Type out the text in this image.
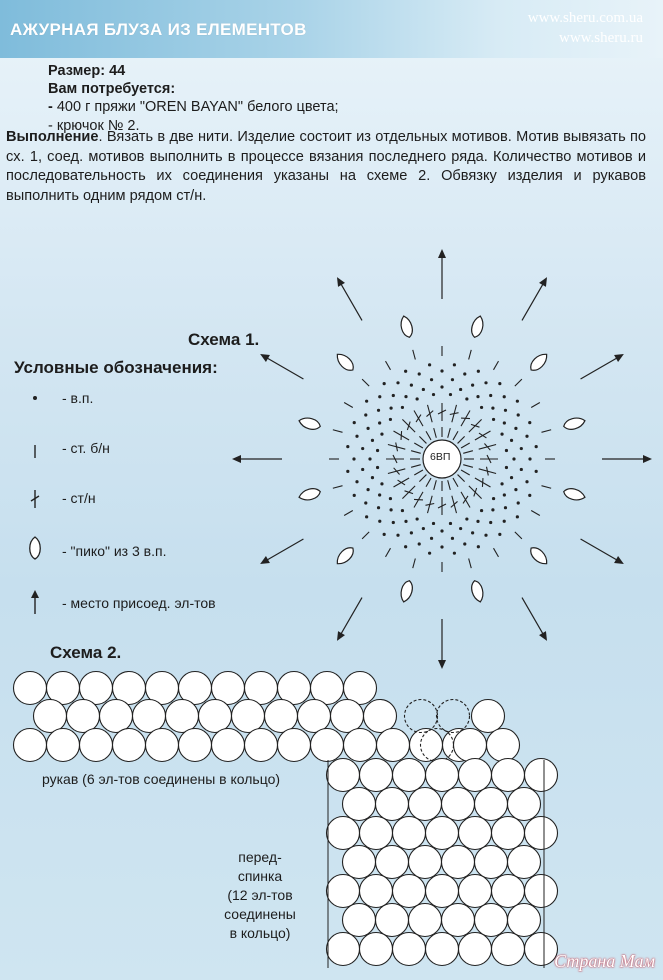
АЖУРНАЯ БЛУЗА ИЗ ЕЛЕМЕНТОВ
www.sheru.com.ua
www.sheru.ru
Размер: 44
Вам потребуется:
- 400 г пряжи "OREN BAYAN" белого цвета;
- крючок № 2.
Выполнение. Вязать в две нити. Изделие состоит из отдельных мотивов. Мотив вывязать по сх. 1, соед. мотивов выполнить в процессе вязания последнего ряда. Количество мотивов и последовательность их соединения указаны на схеме 2. Обвязку изделия и рукавов выполнить одним рядом ст/н.
Схема 1.
Условные обозначения:
- в.п.
- ст. б/н
- ст/н
- "пико" из 3 в.п.
- место присоед. эл-тов
6ВП
Схема 2.
рукав (6 эл-тов соединены в кольцо)
перед-
спинка
(12 эл-тов
соединены
в кольцо)
Страна Мам
